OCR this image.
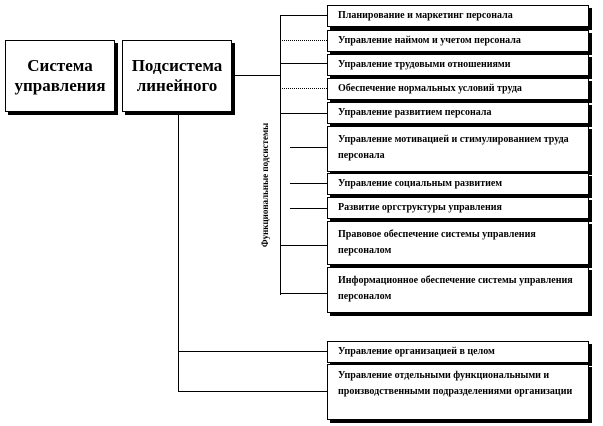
Система управления
Подсистема линейного
Функциональные подсистемы
Планирование и маркетинг персонала
Управление наймом и учетом персонала
Управление трудовыми отношениями
Обеспечение нормальных условий труда
Управление развитием персонала
Управление мотивацией и стимулированием труда персонала
Управление социальным развитием
Развитие оргструктуры управления
Правовое обеспечение системы управления персоналом
Информационное обеспечение системы управления персоналом
Управление организацией в целом
Управление отдельными функциональными и производственными подразделениями организации
